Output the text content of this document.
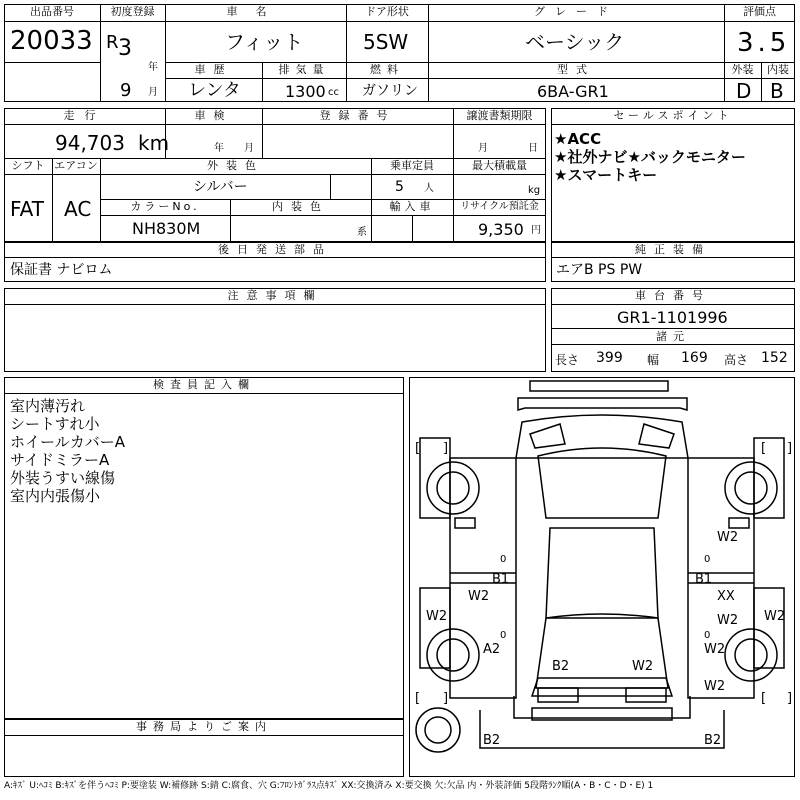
出品番号
20033
初度登録
R 3
年
9 月
車名
フィット
ドア形状
5SW
グレード
ベーシック
評価点
3.5
車歴
レンタ
排気量
1300 cc
燃料
ガソリン
型式
6BA-GR1
外装
D
内装
B
走行
94,703 km
車検
年 月
登録番号	譲渡書類期限
月	日
シフト
FAT
エアコン
AC
外装色
シルバー
乗車定員
5 人
最大積載量
kg
カラーNo.
NH830M
内装色
系
輸入車	リサイクル預託金
9,350 円
セールスポイント
★ACC
★社外ナビ★バックモニター
★スマートキー
後日発送部品
保証書 ナビロム
純正装備
エアB PS PW
注意事項欄	車台番号
GR1-1101996
諸元
長さ 399 幅 169 高さ 152
検査員記入欄
室内薄汚れ
シートすれ小
ホイールカバーA
サイドミラーA
外装うすい線傷
室内内張傷小
事務局よりご案内
[ ]	[ ]
[ ]	[ ]
0	0
0	0
W2
B1	B1
W2	XX
W2	W2 W2
A2	W2
B2	W2
W2
B2	B2
A:ｷｽﾞ U:ﾍｺﾐ B:ｷｽﾞを伴うﾍｺﾐ P:要塗装 W:補修跡 S:錆 C:腐食、穴 G:ﾌﾛﾝﾄｶﾞﾗｽ点ｷｽﾞ XX:交換済み X:要交換 欠:欠品 内・外装評価 5段階ﾗﾝｸ順(A・B・C・D・E) 1
